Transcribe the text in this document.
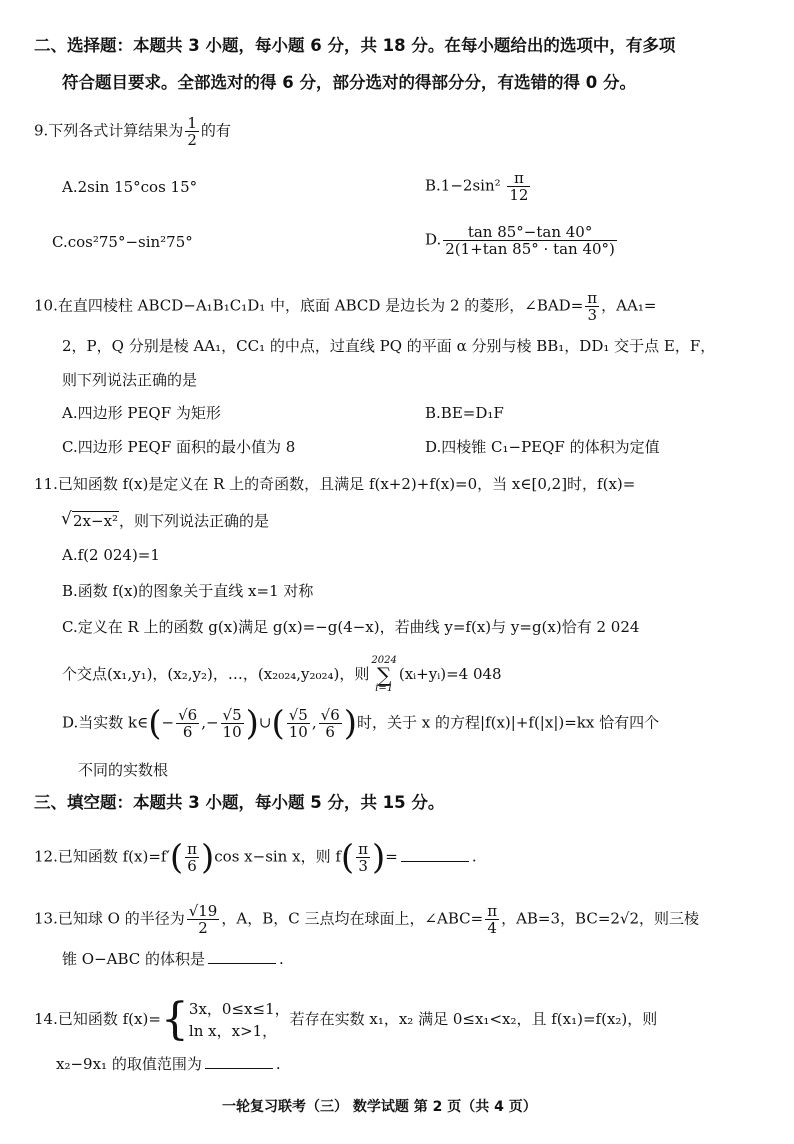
二、选择题：本题共 3 小题，每小题 6 分，共 18 分。在每小题给出的选项中，有多项
符合题目要求。全部选对的得 6 分，部分选对的得部分分，有选错的得 0 分。
9.下列各式计算结果为 $\frac{1}{2}$ 的有
A.2sin 15°cos 15°	$B.1-2\sin^2 \frac{\pi}{12}$
C.cos²75°−sin²75°	D. $\frac{\tan 85^\circ-\tan 40^\circ}{2(1+\tan 85^\circ \cdot \tan 40^\circ)}$
10.在直四棱柱 ABCD−A₁B₁C₁D₁ 中，底面 ABCD 是边长为 2 的菱形，∠BAD= $\frac{\pi}{3}$ ，AA₁=
2，P，Q 分别是棱 AA₁，CC₁ 的中点，过直线 PQ 的平面 α 分别与棱 BB₁，DD₁ 交于点 E，F，
则下列说法正确的是
A.四边形 PEQF 为矩形	B.BE=D₁F
C.四边形 PEQF 面积的最小值为 8	D.四棱锥 C₁−PEQF 的体积为定值
11.已知函数 f(x)是定义在 R 上的奇函数，且满足 f(x+2)+f(x)=0，当 x∈[0,2]时，f(x)=
√ 2x−x²，则下列说法正确的是
A.f(2 024)=1
B.函数 f(x)的图象关于直线 x=1 对称
C.定义在 R 上的函数 g(x)满足 g(x)=−g(4−x)，若曲线 y=f(x)与 y=g(x)恰有 2 024
个交点(x₁,y₁)，(x₂,y₂)，…，(x₂₀₂₄,y₂₀₂₄)，则2024
∑
i=1(xᵢ+yᵢ)=4 048
D.当实数 k∈(− $\frac{√6}{6}$ ,− $\frac{√5}{10}$ )∪( $\frac{√5}{10}$ , $\frac{√6}{6}$ )时，关于 x 的方程|f(x)|+f(|x|)=kx 恰有四个
不同的实数根
三、填空题：本题共 3 小题，每小题 5 分，共 15 分。
12.已知函数 $f(x)=f'( \frac{\pi}{6} )\cos$ x−sin x，则 $f( \frac{\pi}{3}$ )=	.
13.已知球 O 的半径为 $\frac{√19}{2}$ ，A，B，C 三点均在球面上，∠ABC= $\frac{\pi}{4}$ ，AB=3，BC=2√2，则三棱
锥 O−ABC 的体积是	.
14.已知函数 f(x)={ 3x，0≤x≤1，
ln x，x>1，
若存在实数 x₁，x₂ 满足 0≤x₁<x₂，且 f(x₁)=f(x₂)，则
x₂−9x₁ 的取值范围为	.
一轮复习联考（三） 数学试题 第 2 页（共 4 页）
